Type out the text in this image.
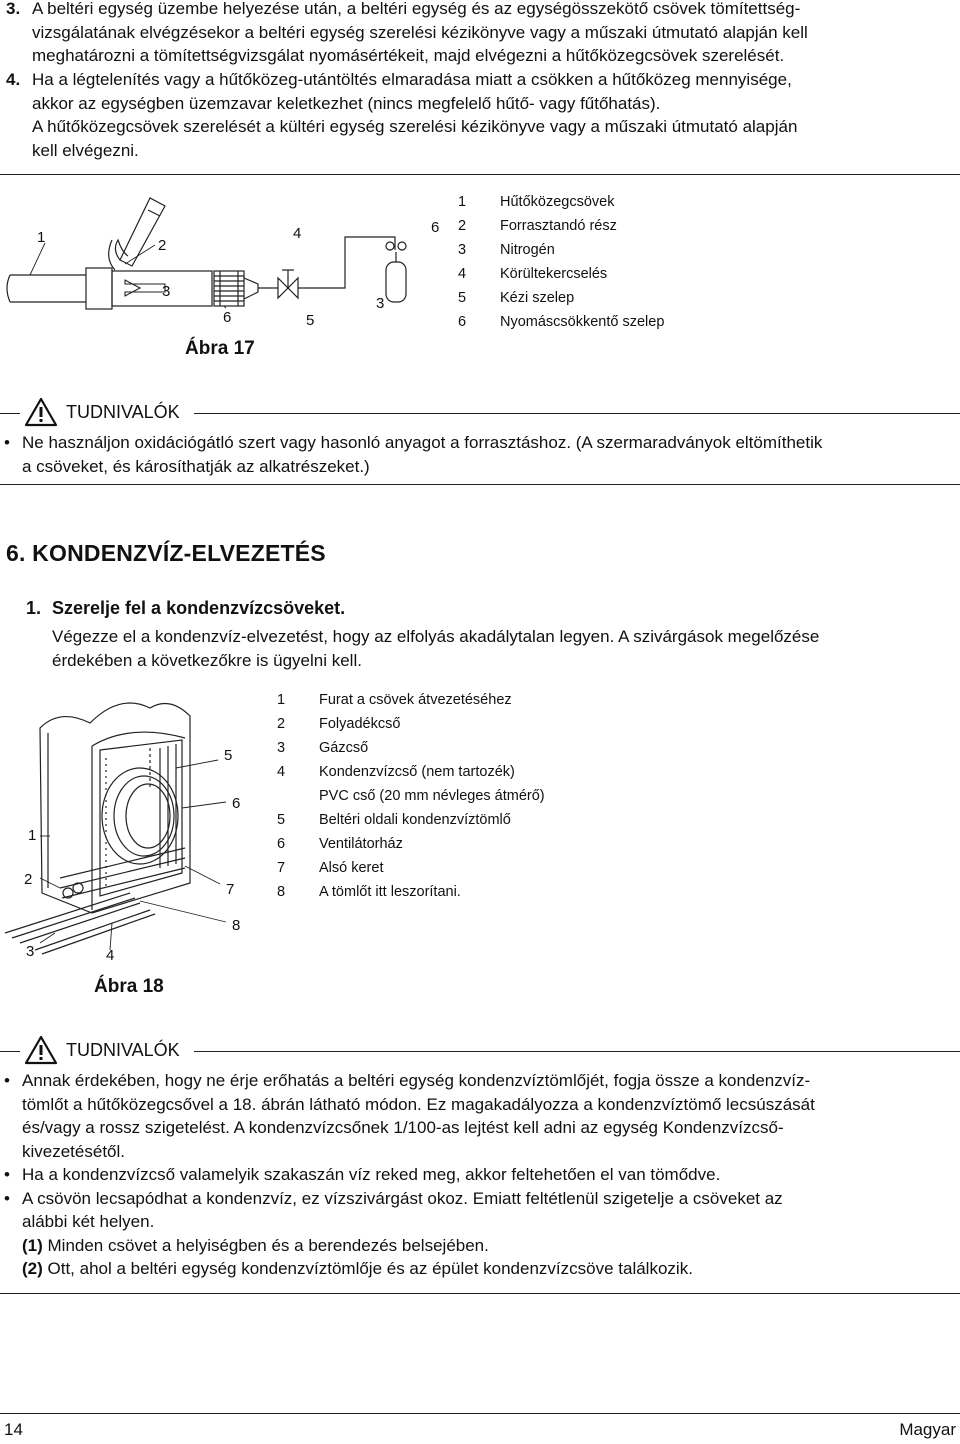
3. A beltéri egység üzembe helyezése után, a beltéri egység és az egységösszekötő csövek tömítettség-
vizsgálatának elvégzésekor a beltéri egység szerelési kézikönyve vagy a műszaki útmutató alapján kell
meghatározni a tömítettségvizsgálat nyomásértékeit, majd elvégezni a hűtőközegcsövek szerelését.
4. Ha a légtelenítés vagy a hűtőközeg-utántöltés elmaradása miatt a csökken a hűtőközeg mennyisége,
akkor az egységben üzemzavar keletkezhet (nincs megfelelő hűtő- vagy fűtőhatás).
A hűtőközegcsövek szerelését a kültéri egység szerelési kézikönyve vagy a műszaki útmutató alapján
kell elvégezni.
1	2
3
4
5
6
3
6
Ábra 17
1	Hűtőközegcsövek
2	Forrasztandó rész
3	Nitrogén
4	Körültekercselés
5	Kézi szelep
6	Nyomáscsökkentő szelep
TUDNIVALÓK
• Ne használjon oxidációgátló szert vagy hasonló anyagot a forrasztáshoz. (A szermaradványok eltömíthetik
a csöveket, és károsíthatják az alkatrészeket.)
6. KONDENZVÍZ-ELVEZETÉS
1. Szerelje fel a kondenzvízcsöveket.
Végezze el a kondenzvíz-elvezetést, hogy az elfolyás akadálytalan legyen. A szivárgások megelőzése
érdekében a következőkre is ügyelni kell.
1
2
3	4
5
6
7
8
Ábra 18
1	Furat a csövek átvezetéséhez
2	Folyadékcső
3	Gázcső
4	Kondenzvízcső (nem tartozék)
PVC cső (20 mm névleges átmérő)
5	Beltéri oldali kondenzvíztömlő
6	Ventilátorház
7	Alsó keret
8	A tömlőt itt leszorítani.
TUDNIVALÓK
• Annak érdekében, hogy ne érje erőhatás a beltéri egység kondenzvíztömlőjét, fogja össze a kondenzvíz-
tömlőt a hűtőközegcsővel a 18. ábrán látható módon. Ez magakadályozza a kondenzvíztömő lecsúszását
és/vagy a rossz szigetelést. A kondenzvízcsőnek 1/100-as lejtést kell adni az egység Kondenzvízcső-
kivezetésétől.
• Ha a kondenzvízcső valamelyik szakaszán víz reked meg, akkor feltehetően el van tömődve.
• A csövön lecsapódhat a kondenzvíz, ez vízszivárgást okoz. Emiatt feltétlenül szigetelje a csöveket az
alábbi két helyen.
(1) Minden csövet a helyiségben és a berendezés belsejében.
(2) Ott, ahol a beltéri egység kondenzvíztömlője és az épület kondenzvízcsöve találkozik.
14	Magyar
